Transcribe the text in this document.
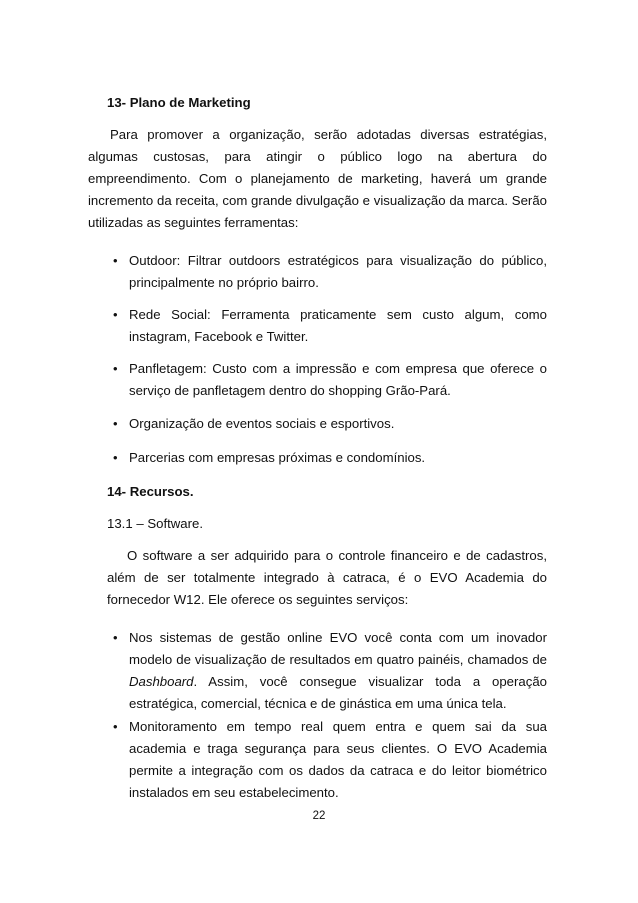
13- Plano de Marketing

Para promover a organização, serão adotadas diversas estratégias, algumas custosas, para atingir o público logo na abertura do empreendimento. Com o planejamento de marketing, haverá um grande incremento da receita, com grande divulgação e visualização da marca. Serão utilizadas as seguintes ferramentas:

• Outdoor: Filtrar outdoors estratégicos para visualização do público, principalmente no próprio bairro.
• Rede Social: Ferramenta praticamente sem custo algum, como instagram, Facebook e Twitter.
• Panfletagem: Custo com a impressão e com empresa que oferece o serviço de panfletagem dentro do shopping Grão-Pará.
• Organização de eventos sociais e esportivos.
• Parcerias com empresas próximas e condomínios.

14- Recursos.

13.1 – Software.

O software a ser adquirido para o controle financeiro e de cadastros, além de ser totalmente integrado à catraca, é o EVO Academia do fornecedor W12. Ele oferece os seguintes serviços:

• Nos sistemas de gestão online EVO você conta com um inovador modelo de visualização de resultados em quatro painéis, chamados de Dashboard. Assim, você consegue visualizar toda a operação estratégica, comercial, técnica e de ginástica em uma única tela.
• Monitoramento em tempo real quem entra e quem sai da sua academia e traga segurança para seus clientes. O EVO Academia permite a integração com os dados da catraca e do leitor biométrico instalados em seu estabelecimento.
22
